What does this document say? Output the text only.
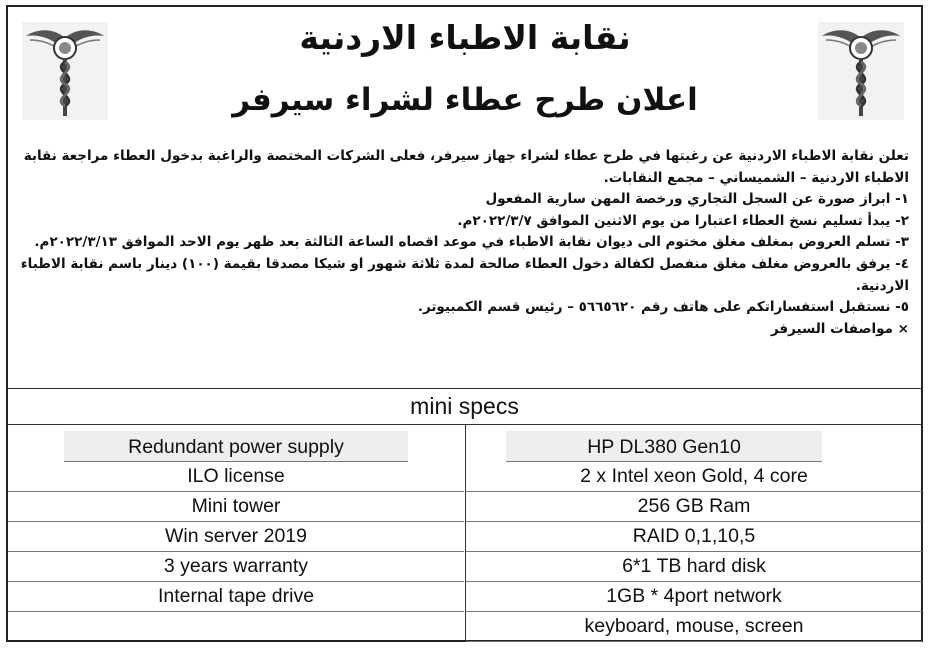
نقابة الاطباء الاردنية
اعلان طرح عطاء لشراء سيرفر

تعلن نقابة الاطباء الاردنية عن رغبتها في طرح عطاء لشراء جهاز سيرفر، فعلى الشركات المختصة والراغبة بدخول العطاء مراجعة نقابة الاطباء الاردنية – الشميساني – مجمع النقابات.

١- ابراز صورة عن السجل التجاري ورخصة المهن سارية المفعول

٢- يبدأ تسليم نسخ العطاء اعتبارا من يوم الاثنين الموافق ٢٠٢٢/٣/٧م.

٣- تسلم العروض بمغلف مغلق مختوم الى ديوان نقابة الاطباء في موعد اقصاه الساعة الثالثة بعد ظهر يوم الاحد الموافق ٢٠٢٢/٣/١٣م.

٤- يرفق بالعروض مغلف مغلق منفصل لكفالة دخول العطاء صالحة لمدة ثلاثة شهور او شيكا مصدقا بقيمة (١٠٠) دينار باسم نقابة الاطباء الاردنية.

٥- نستقبل استفساراتكم على هاتف رقم ٥٦٦٥٦٢٠ – رئيس قسم الكمبيوتر.

× مواصفات السيرفر

mini specs
Redundant power supply
ILO license
Mini tower
Win server 2019
3 years warranty
Internal tape drive
HP DL380 Gen10
2 x Intel xeon Gold, 4 core
256 GB Ram
RAID 0,1,10,5
6*1 TB hard disk
1GB * 4port network
keyboard, mouse, screen
